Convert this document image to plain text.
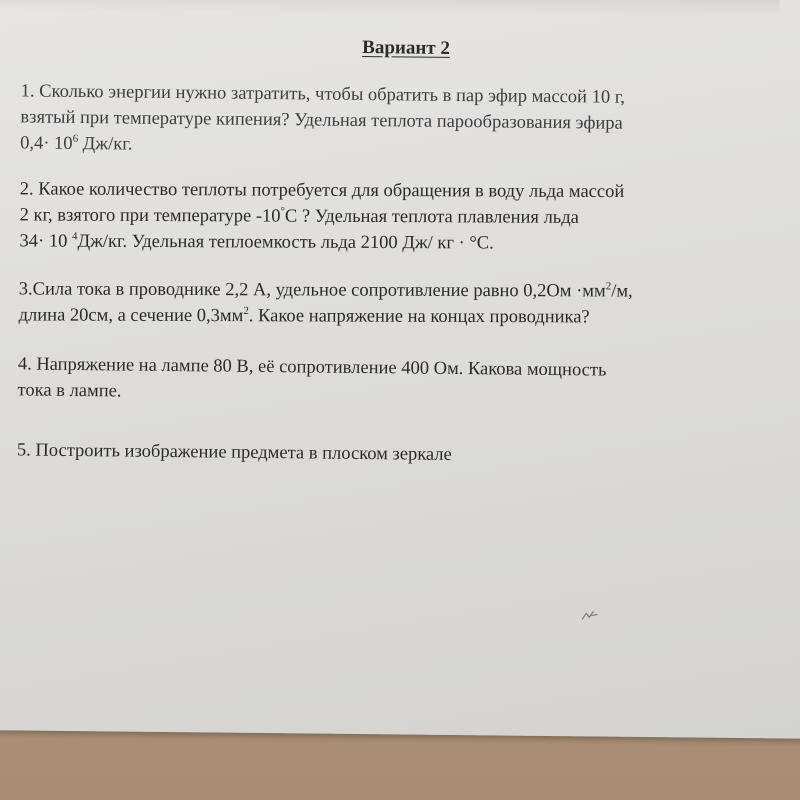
Вариант 2
1. Сколько энергии нужно затратить, чтобы обратить в пар эфир массой 10 г,
взятый при температуре кипения? Удельная теплота парообразования эфира
$0,4\cdot 10^6$ Дж/кг.
2. Какое количество теплоты потребуется для обращения в воду льда массой
2 кг, взятого при температуре -10°С ? Удельная теплота плавления льда
34· 10 $^4$Дж/кг. Удельная теплоемкость льда 2100 Дж/ кг · °С.
3.Сила тока в проводнике 2,2 А, удельное сопротивление равно $0,2Ом \cdot мм^2/м$,
длина 20см, а сечение $0,3мм^2$. Какое напряжение на концах проводника?
4. Напряжение на лампе 80 В, её сопротивление 400 Ом. Какова мощность
тока в лампе.
5. Построить изображение предмета в плоском зеркале
